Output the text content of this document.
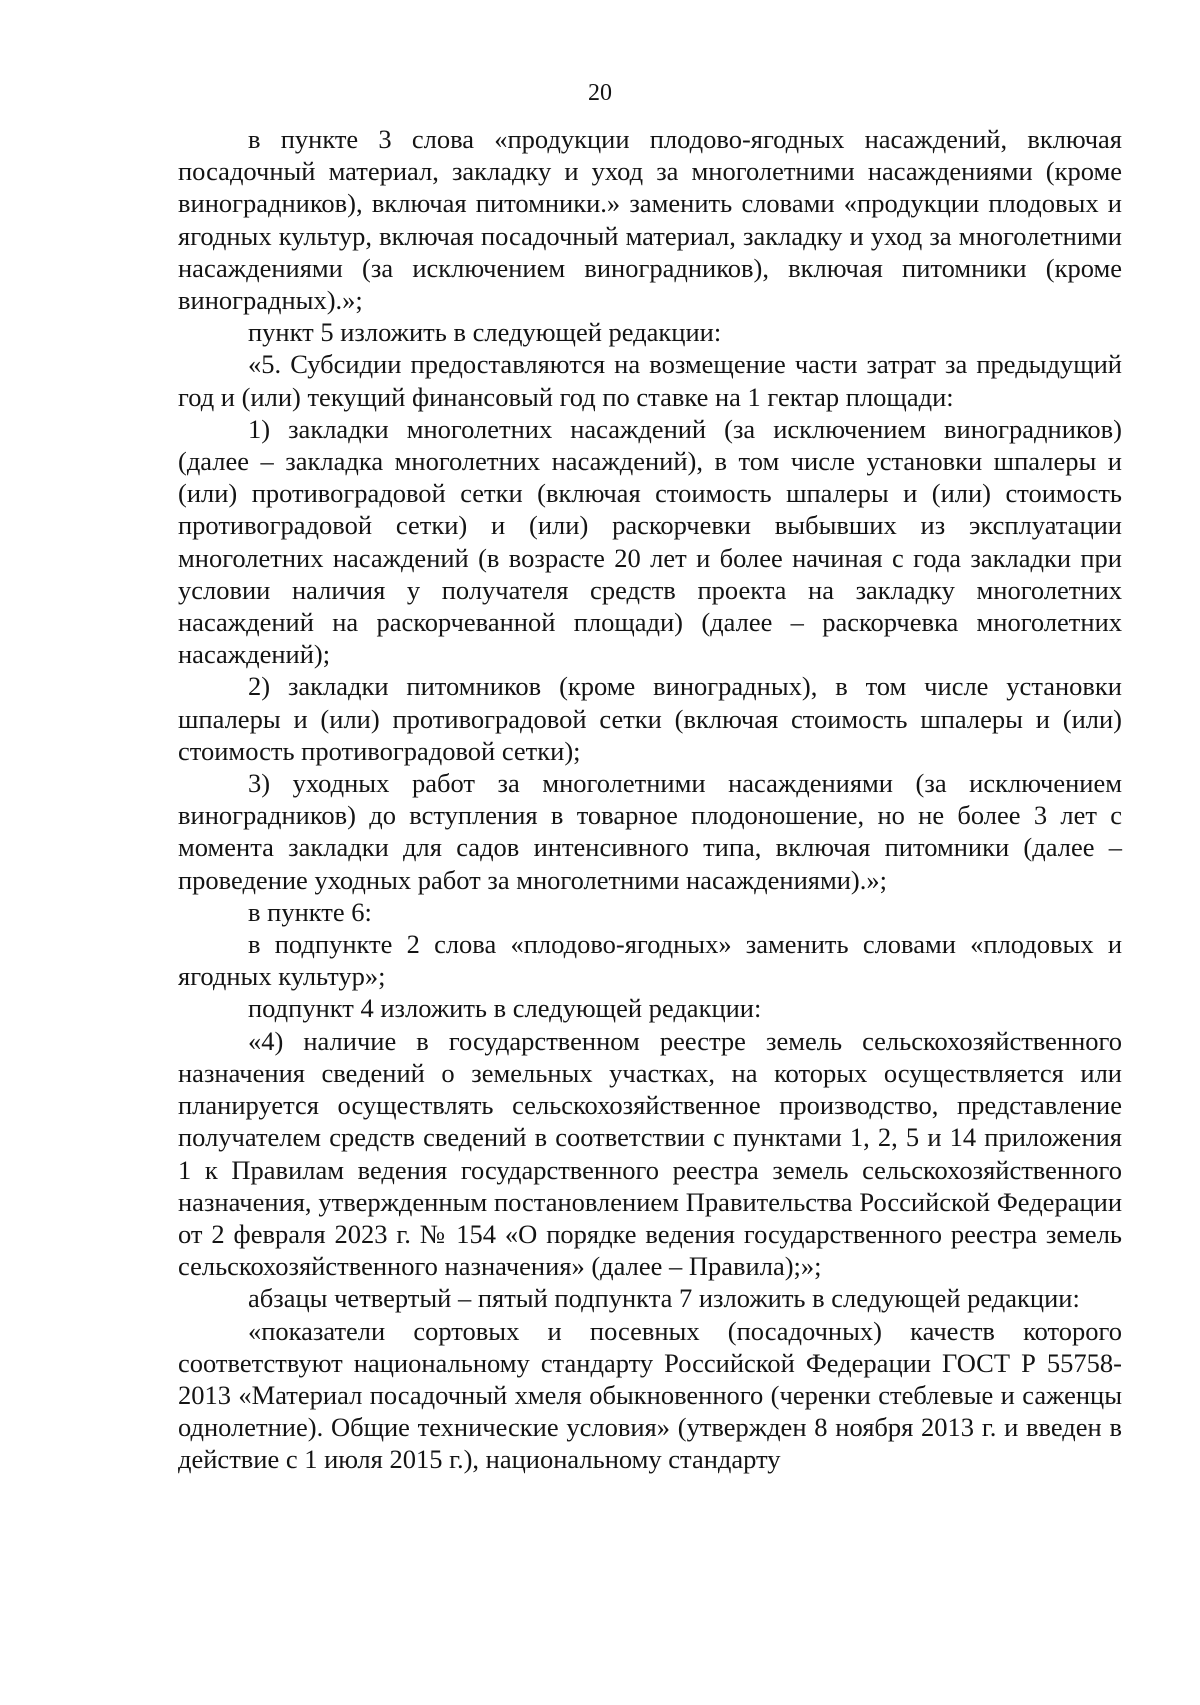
20

в пункте 3 слова «продукции плодово-ягодных насаждений, включая посадочный материал, закладку и уход за многолетними насаждениями (кроме виноградников), включая питомники.» заменить словами «продукции плодовых и ягодных культур, включая посадочный материал, закладку и уход за многолетними насаждениями (за исключением виноградников), включая питомники (кроме виноградных).»;

пункт 5 изложить в следующей редакции:

«5. Субсидии предоставляются на возмещение части затрат за предыдущий год и (или) текущий финансовый год по ставке на 1 гектар площади:

1) закладки многолетних насаждений (за исключением виноградников) (далее – закладка многолетних насаждений), в том числе установки шпалеры и (или) противоградовой сетки (включая стоимость шпалеры и (или) стоимость противоградовой сетки) и (или) раскорчевки выбывших из эксплуатации многолетних насаждений (в возрасте 20 лет и более начиная с года закладки при условии наличия у получателя средств проекта на закладку многолетних насаждений на раскорчеванной площади) (далее – раскорчевка многолетних насаждений);

2) закладки питомников (кроме виноградных), в том числе установки шпалеры и (или) противоградовой сетки (включая стоимость шпалеры и (или) стоимость противоградовой сетки);

3) уходных работ за многолетними насаждениями (за исключением виноградников) до вступления в товарное плодоношение, но не более 3 лет с момента закладки для садов интенсивного типа, включая питомники (далее – проведение уходных работ за многолетними насаждениями).»;

в пункте 6:

в подпункте 2 слова «плодово-ягодных» заменить словами «плодовых и ягодных культур»;

подпункт 4 изложить в следующей редакции:

«4) наличие в государственном реестре земель сельскохозяйственного назначения сведений о земельных участках, на которых осуществляется или планируется осуществлять сельскохозяйственное производство, представление получателем средств сведений в соответствии с пунктами 1, 2, 5 и 14 приложения 1 к Правилам ведения государственного реестра земель сельскохозяйственного назначения, утвержденным постановлением Правительства Российской Федерации от 2 февраля 2023 г. № 154 «О порядке ведения государственного реестра земель сельскохозяйственного назначения» (далее – Правила);»;

абзацы четвертый – пятый подпункта 7 изложить в следующей редакции:

«показатели сортовых и посевных (посадочных) качеств которого соответствуют национальному стандарту Российской Федерации ГОСТ Р 55758-2013 «Материал посадочный хмеля обыкновенного (черенки стеблевые и саженцы однолетние). Общие технические условия» (утвержден 8 ноября 2013 г. и введен в действие с 1 июля 2015 г.), национальному стандарту
